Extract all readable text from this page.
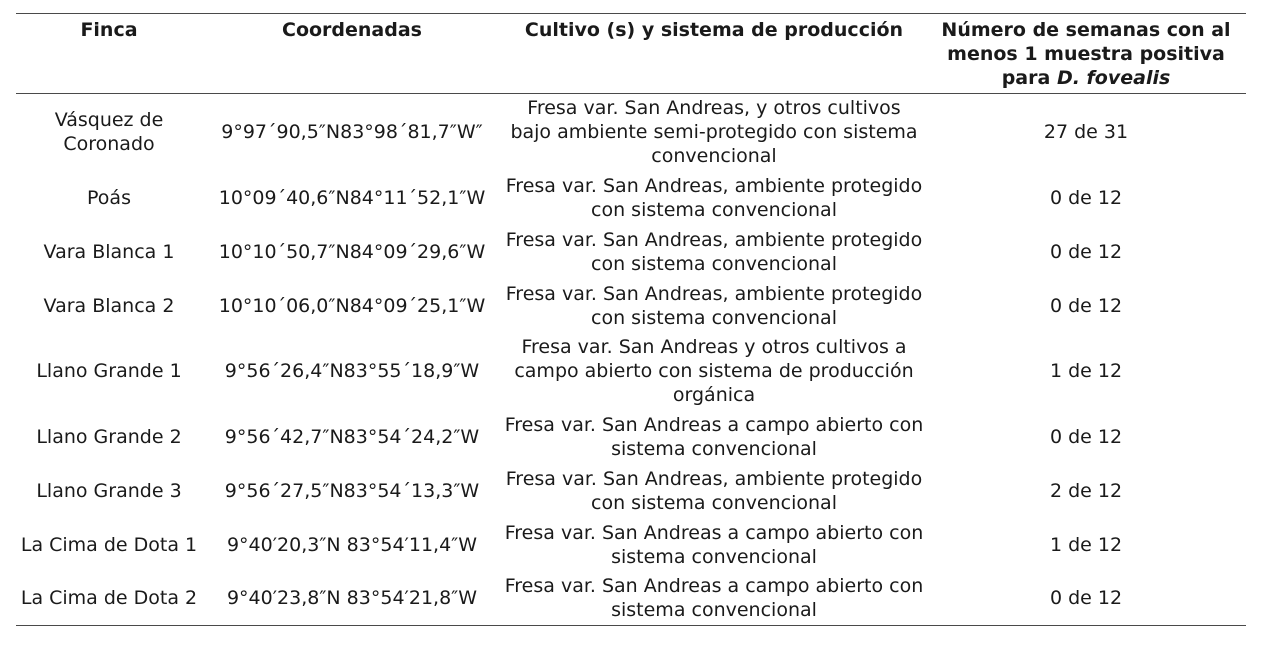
Finca	Coordenadas	Cultivo (s) y sistema de producción	Número de semanas con al menos 1 muestra positiva para D. fovealis
Vásquez de Coronado	9°97´90,5″N83°98´81,7″W″	Fresa var. San Andreas, y otros cultivos bajo ambiente semi-protegido con sistema convencional	27 de 31
Poás	10°09´40,6″N84°11´52,1″W	Fresa var. San Andreas, ambiente protegido con sistema convencional	0 de 12
Vara Blanca 1	10°10´50,7″N84°09´29,6″W	Fresa var. San Andreas, ambiente protegido con sistema convencional	0 de 12
Vara Blanca 2	10°10´06,0″N84°09´25,1″W	Fresa var. San Andreas, ambiente protegido con sistema convencional	0 de 12
Llano Grande 1	9°56´26,4″N83°55´18,9″W	Fresa var. San Andreas y otros cultivos a campo abierto con sistema de producción orgánica	1 de 12
Llano Grande 2	9°56´42,7″N83°54´24,2″W	Fresa var. San Andreas a campo abierto con sistema convencional	0 de 12
Llano Grande 3	9°56´27,5″N83°54´13,3″W	Fresa var. San Andreas, ambiente protegido con sistema convencional	2 de 12
La Cima de Dota 1	9°40′20,3″N 83°54′11,4″W	Fresa var. San Andreas a campo abierto con sistema convencional	1 de 12
La Cima de Dota 2	9°40′23,8″N 83°54′21,8″W	Fresa var. San Andreas a campo abierto con sistema convencional	0 de 12
